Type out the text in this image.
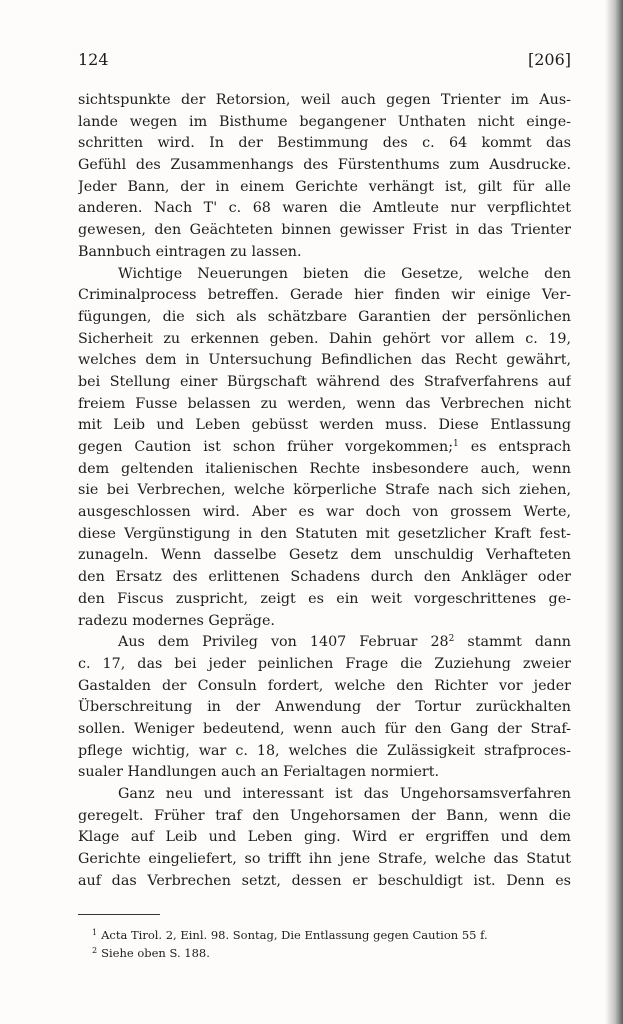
124	[206]
sichtspunkte der Retorsion, weil auch gegen Trienter im Aus-
lande wegen im Bisthume begangener Unthaten nicht einge-
schritten wird. In der Bestimmung des c. 64 kommt das
Gefühl des Zusammenhangs des Fürstenthums zum Ausdrucke.
Jeder Bann, der in einem Gerichte verhängt ist, gilt für alle
anderen. Nach T' c. 68 waren die Amtleute nur verpflichtet
gewesen, den Geächteten binnen gewisser Frist in das Trienter
Bannbuch eintragen zu lassen.
Wichtige Neuerungen bieten die Gesetze, welche den
Criminalprocess betreffen. Gerade hier finden wir einige Ver-
fügungen, die sich als schätzbare Garantien der persönlichen
Sicherheit zu erkennen geben. Dahin gehört vor allem c. 19,
welches dem in Untersuchung Befindlichen das Recht gewährt,
bei Stellung einer Bürgschaft während des Strafverfahrens auf
freiem Fusse belassen zu werden, wenn das Verbrechen nicht
mit Leib und Leben gebüsst werden muss. Diese Entlassung
gegen Caution ist schon früher vorgekommen;$^1$ es entsprach
dem geltenden italienischen Rechte insbesondere auch, wenn
sie bei Verbrechen, welche körperliche Strafe nach sich ziehen,
ausgeschlossen wird. Aber es war doch von grossem Werte,
diese Vergünstigung in den Statuten mit gesetzlicher Kraft fest-
zunageln. Wenn dasselbe Gesetz dem unschuldig Verhafteten
den Ersatz des erlittenen Schadens durch den Ankläger oder
den Fiscus zuspricht, zeigt es ein weit vorgeschrittenes ge-
radezu modernes Gepräge.
Aus dem Privileg von 1407 Februar $28^2$ stammt dann
c. 17, das bei jeder peinlichen Frage die Zuziehung zweier
Gastalden der Consuln fordert, welche den Richter vor jeder
Überschreitung in der Anwendung der Tortur zurückhalten
sollen. Weniger bedeutend, wenn auch für den Gang der Straf-
pflege wichtig, war c. 18, welches die Zulässigkeit strafproces-
sualer Handlungen auch an Ferialtagen normiert.
Ganz neu und interessant ist das Ungehorsamsverfahren
geregelt. Früher traf den Ungehorsamen der Bann, wenn die
Klage auf Leib und Leben ging. Wird er ergriffen und dem
Gerichte eingeliefert, so trifft ihn jene Strafe, welche das Statut
auf das Verbrechen setzt, dessen er beschuldigt ist. Denn es
$^1$ Acta Tirol. 2, Einl. 98. Sontag, Die Entlassung gegen Caution 55 f.
$^2$ Siehe oben S. 188.
